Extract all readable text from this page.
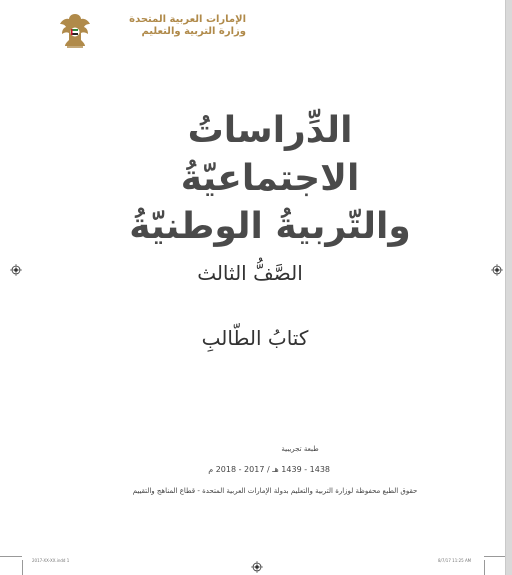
الإمارات العربية المتحدة
وزارة التربية والتعليم
الدِّراساتُ الاجتماعيّةُ
والتّربيةُ الوطنيّةُ
الصَّفُّ الثالث
كتابُ الطّالبِ
طبعة تجريبية
1438 - 1439 هـ / 2017 - 2018 م
حقوق الطبع محفوظة لوزارة التربية والتعليم بدولة الإمارات العربية المتحدة - قطاع المناهج والتقييم
2017-XX-XX.indd 1	8/7/17 11:25 AM
